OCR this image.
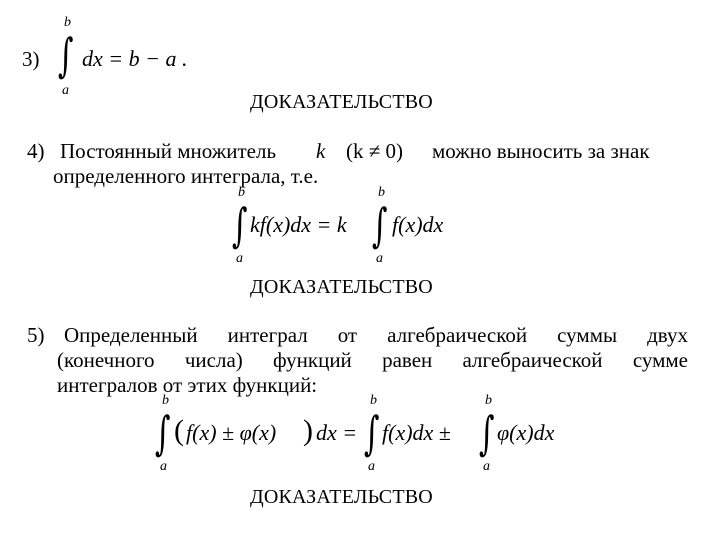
3)
b
∫
a
dx = b − a .
ДОКАЗАТЕЛЬСТВО
4) Постоянный множитель k (k ≠ 0) можно выносить за знак
определенного интеграла, т.е.
b
∫
a
kf(x)dx = k
b
∫
a
f(x)dx
ДОКАЗАТЕЛЬСТВО
5) Определенный интеграл от алгебраической суммы двух
(конечного числа) функций равен алгебраической сумме
интегралов от этих функций:
b
∫
a
( f(x) ± φ(x) ) dx =
b
∫
a
f(x)dx ±
b
∫
a
φ(x)dx
ДОКАЗАТЕЛЬСТВО
